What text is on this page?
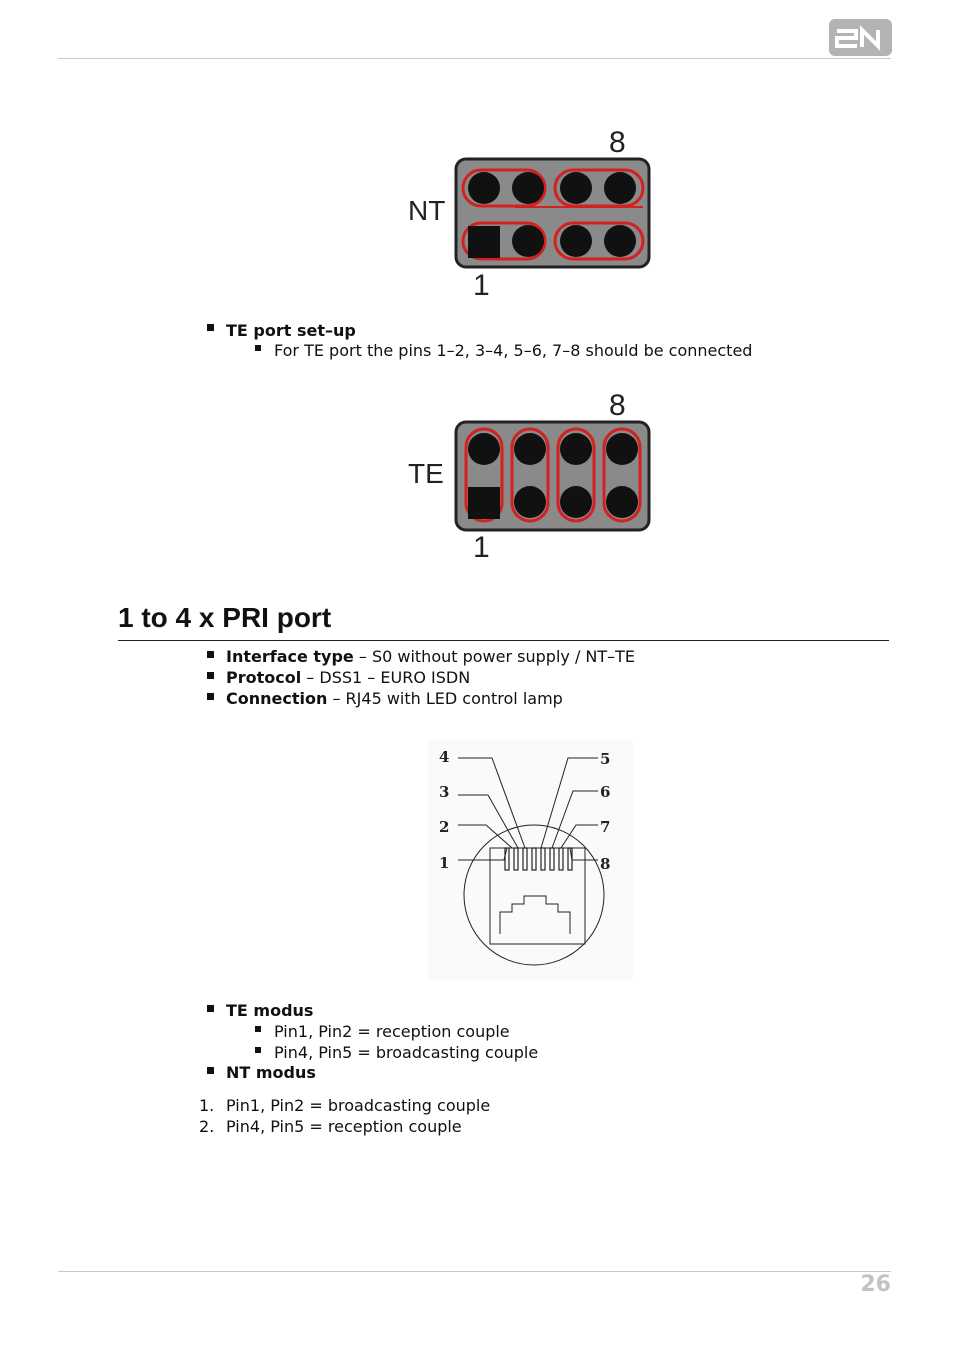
NT
8
1
TE port set–up
For TE port the pins 1–2, 3–4, 5–6, 7–8 should be connected
TE
8
1
1 to 4 x PRI port
Interface type – S0 without power supply / NT–TE
Protocol – DSS1 – EURO ISDN
Connection – RJ45 with LED control lamp
4
3
2
1
5
6
7
8
TE modus
Pin1, Pin2 = reception couple
Pin4, Pin5 = broadcasting couple
NT modus
1. Pin1, Pin2 = broadcasting couple
2. Pin4, Pin5 = reception couple
26
